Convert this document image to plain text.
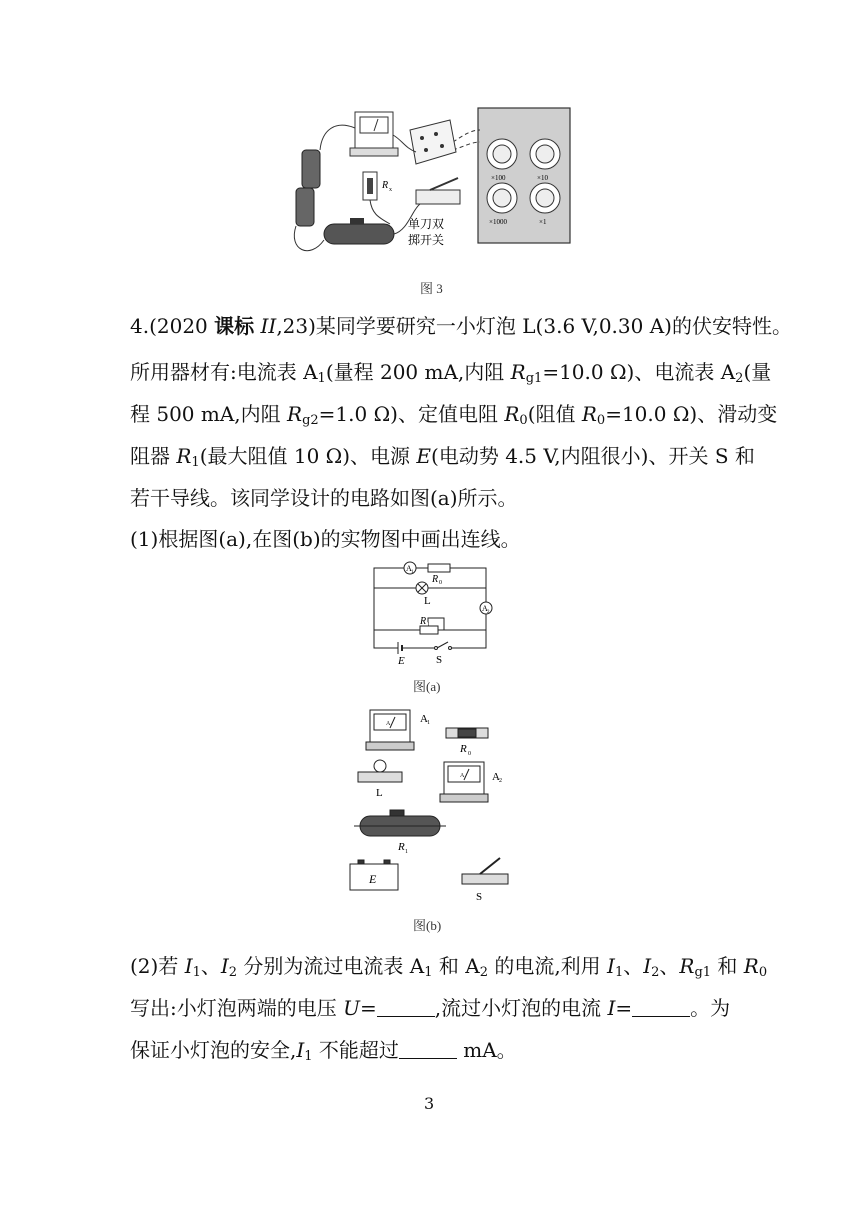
×100	×10
×1000	×1
R x
单刀双
掷开关
图 3
4.(2020 课标 II,23)某同学要研究一小灯泡 L(3.6 V,0.30 A)的伏安特性。
所用器材有:电流表 $A_1$(量程 200 mA,内阻 $R_{g1}=10.0$ Ω)、电流表 $A_2$(量
程 500 mA,内阻 $R_{g2}=1.0$ Ω)、定值电阻 $R_0$(阻值 $R_0=10.0$ Ω)、滑动变
阻器 $R_1$(最大阻值 10 Ω)、电源 E(电动势 4.5 V,内阻很小)、开关 S 和
若干导线。该同学设计的电路如图(a)所示。
(1)根据图(a),在图(b)的实物图中画出连线。
A 1
R 0
L
A 2
R 1
E	S
图(a)
A	A 1
R 0
L
A	A 2
R 1
E
S
图(b)
(2)若 $I_1$、$I_2$ 分别为流过电流表 $A_1$ 和 $A_2$ 的电流,利用 $I_1$、$I_2$、$R_{g1}$ 和 $R_0$
写出:小灯泡两端的电压 U=	,流过小灯泡的电流 I=	。为
保证小灯泡的安全$,I_1$ 不能超过	mA。
3
